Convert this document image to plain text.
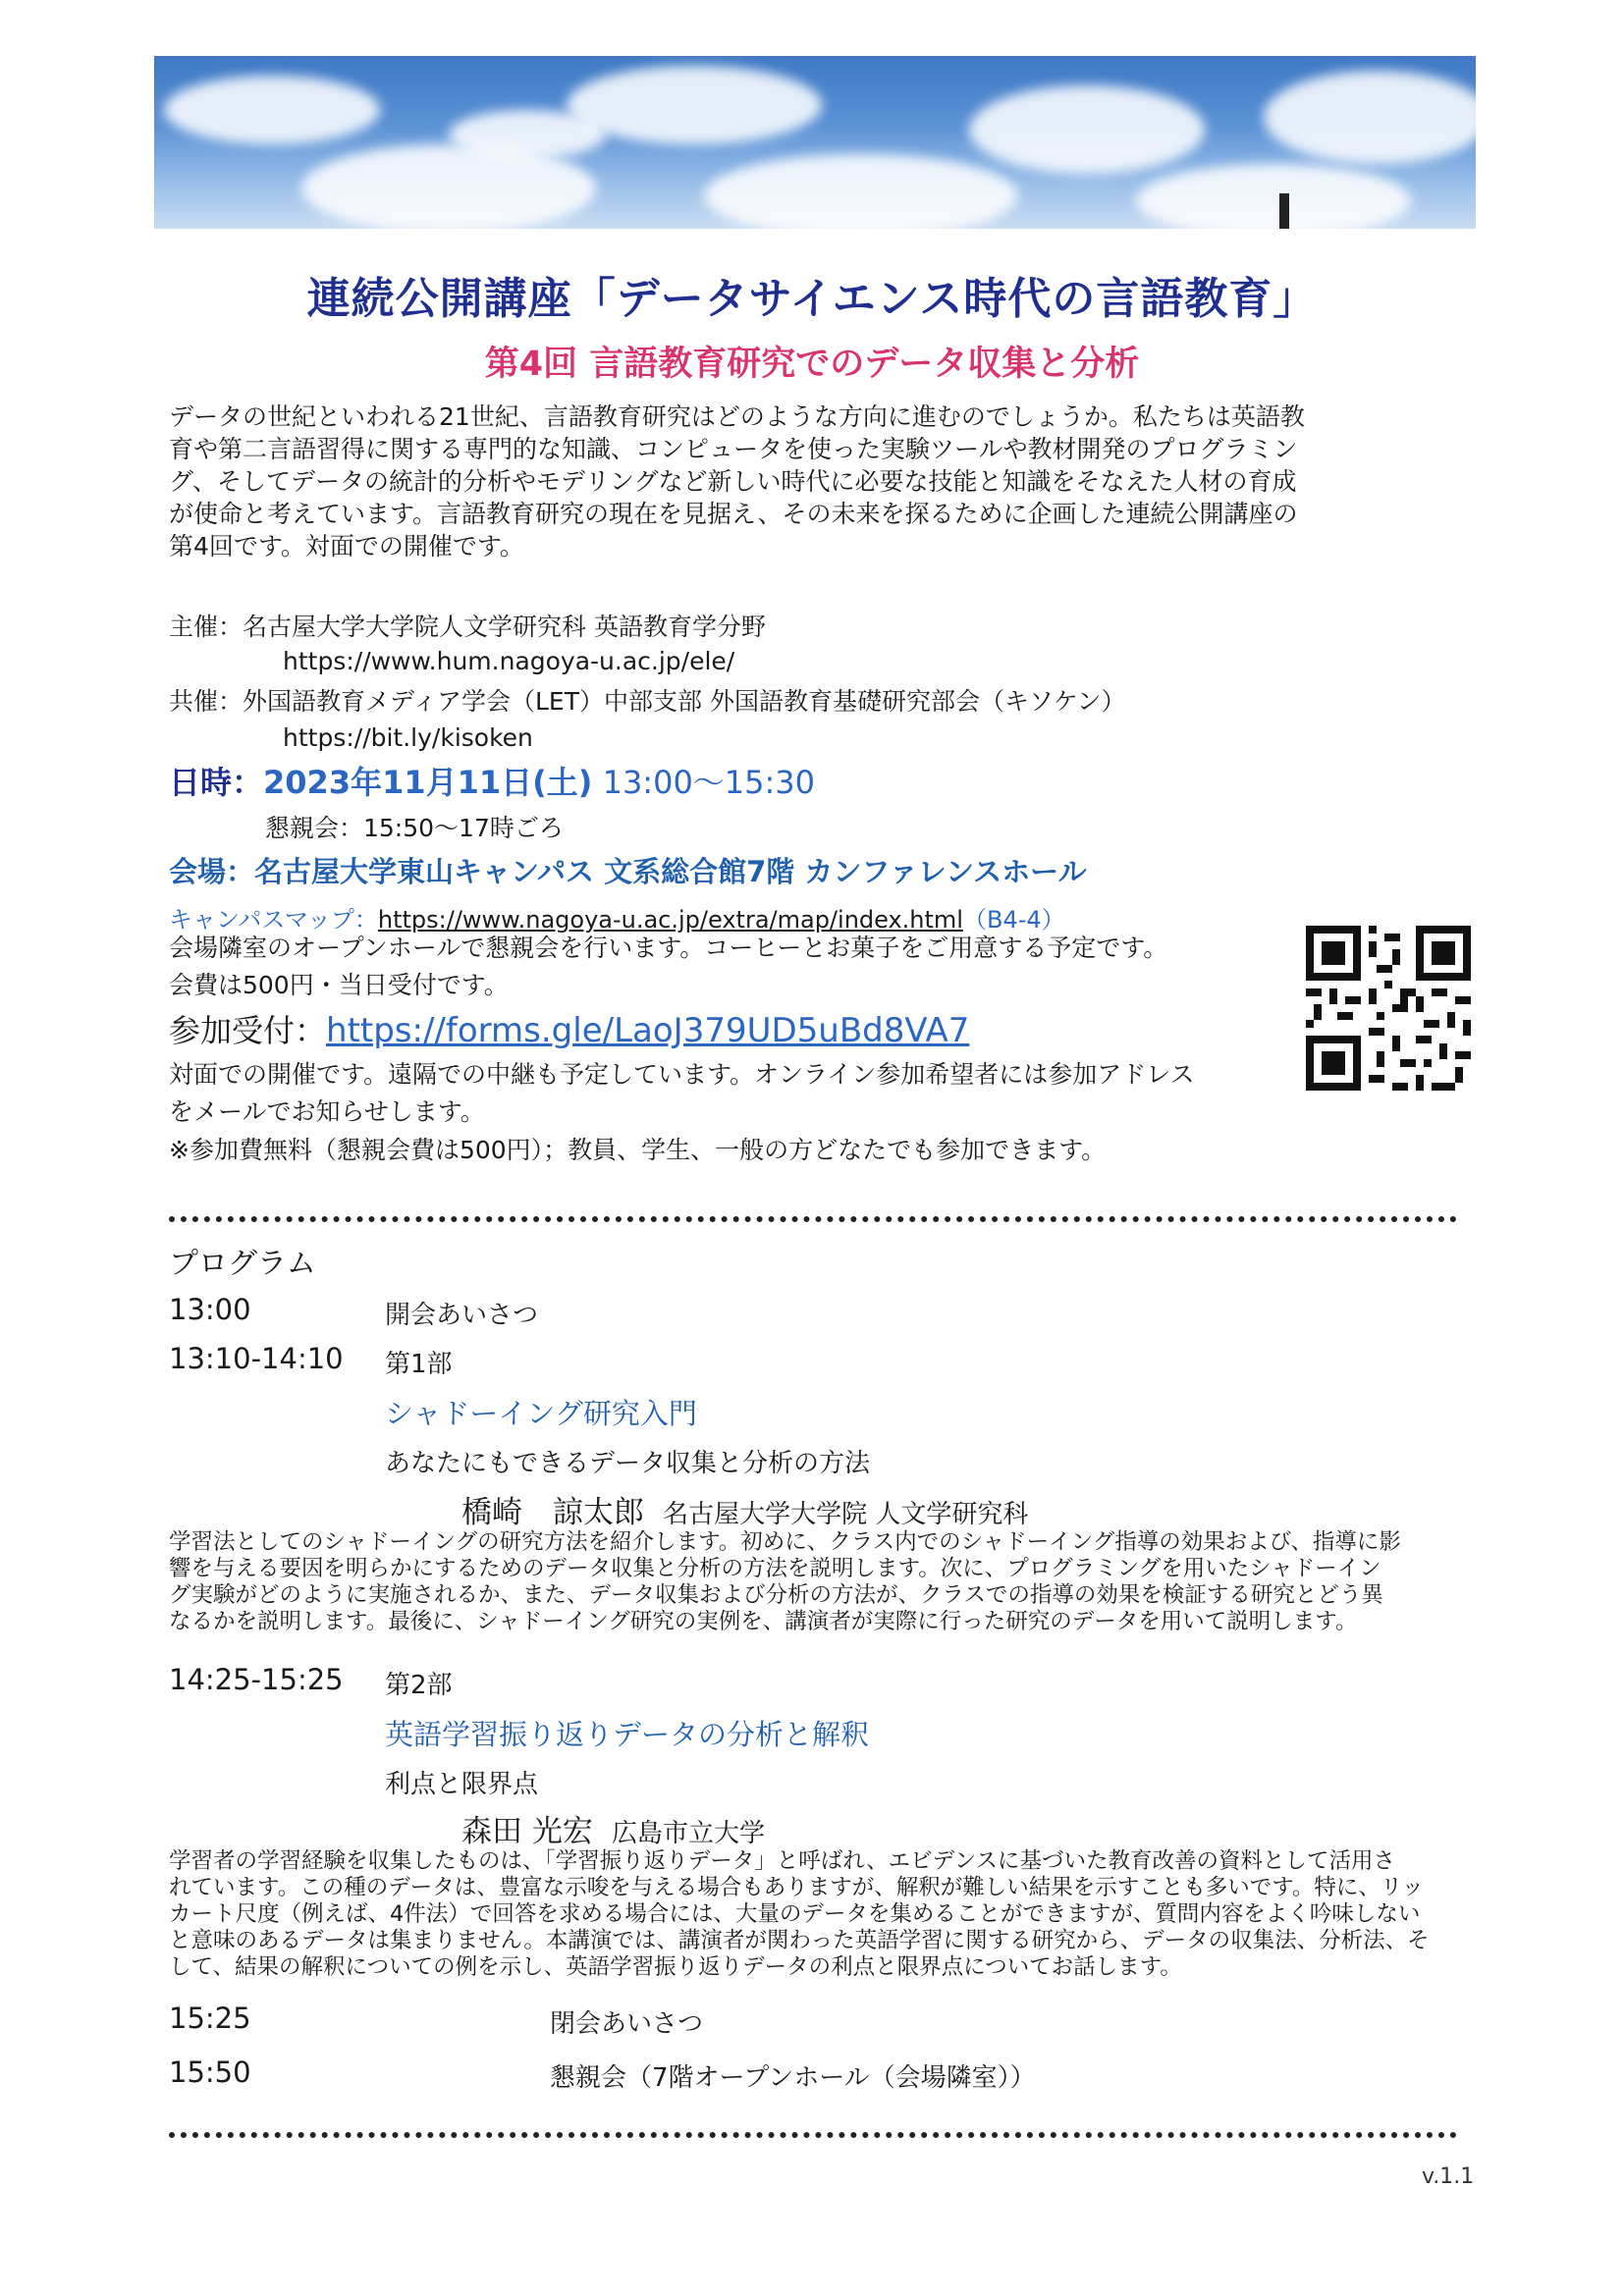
連続公開講座「データサイエンス時代の言語教育」
第4回 言語教育研究でのデータ収集と分析
データの世紀といわれる21世紀、言語教育研究はどのような方向に進むのでしょうか。私たちは英語教
育や第二言語習得に関する専門的な知識、コンピュータを使った実験ツールや教材開発のプログラミン
グ、そしてデータの統計的分析やモデリングなど新しい時代に必要な技能と知識をそなえた人材の育成
が使命と考えています。言語教育研究の現在を見据え、その未来を探るために企画した連続公開講座の
第4回です。対面での開催です。
主催：名古屋大学大学院人文学研究科 英語教育学分野
https://www.hum.nagoya-u.ac.jp/ele/
共催：外国語教育メディア学会（LET）中部支部 外国語教育基礎研究部会（キソケン）
https://bit.ly/kisoken
日時：2023年11月11日(土) 13:00～15:30
懇親会：15:50～17時ごろ
会場：名古屋大学東山キャンパス 文系総合館7階 カンファレンスホール
キャンパスマップ：https://www.nagoya-u.ac.jp/extra/map/index.html（B4-4）
会場隣室のオープンホールで懇親会を行います。コーヒーとお菓子をご用意する予定です。
会費は500円・当日受付です。
参加受付：https://forms.gle/LaoJ379UD5uBd8VA7
対面での開催です。遠隔での中継も予定しています。オンライン参加希望者には参加アドレス
をメールでお知らせします。
※参加費無料（懇親会費は500円）；教員、学生、一般の方どなたでも参加できます。
プログラム
13:00	開会あいさつ
13:10-14:10 第1部
シャドーイング研究入門
あなたにもできるデータ収集と分析の方法
橋崎　諒太郎 名古屋大学大学院 人文学研究科
学習法としてのシャドーイングの研究方法を紹介します。初めに、クラス内でのシャドーイング指導の効果および、指導に影
響を与える要因を明らかにするためのデータ収集と分析の方法を説明します。次に、プログラミングを用いたシャドーイン
グ実験がどのように実施されるか、また、データ収集および分析の方法が、クラスでの指導の効果を検証する研究とどう異
なるかを説明します。最後に、シャドーイング研究の実例を、講演者が実際に行った研究のデータを用いて説明します。
14:25-15:25 第2部
英語学習振り返りデータの分析と解釈
利点と限界点
森田 光宏 広島市立大学
学習者の学習経験を収集したものは、「学習振り返りデータ」と呼ばれ、エビデンスに基づいた教育改善の資料として活用さ
れています。この種のデータは、豊富な示唆を与える場合もありますが、解釈が難しい結果を示すことも多いです。特に、リッ
カート尺度（例えば、4件法）で回答を求める場合には、大量のデータを集めることができますが、質問内容をよく吟味しない
と意味のあるデータは集まりません。本講演では、講演者が関わった英語学習に関する研究から、データの収集法、分析法、そ
して、結果の解釈についての例を示し、英語学習振り返りデータの利点と限界点についてお話します。
15:25	閉会あいさつ
15:50	懇親会（7階オープンホール（会場隣室））
v.1.1
